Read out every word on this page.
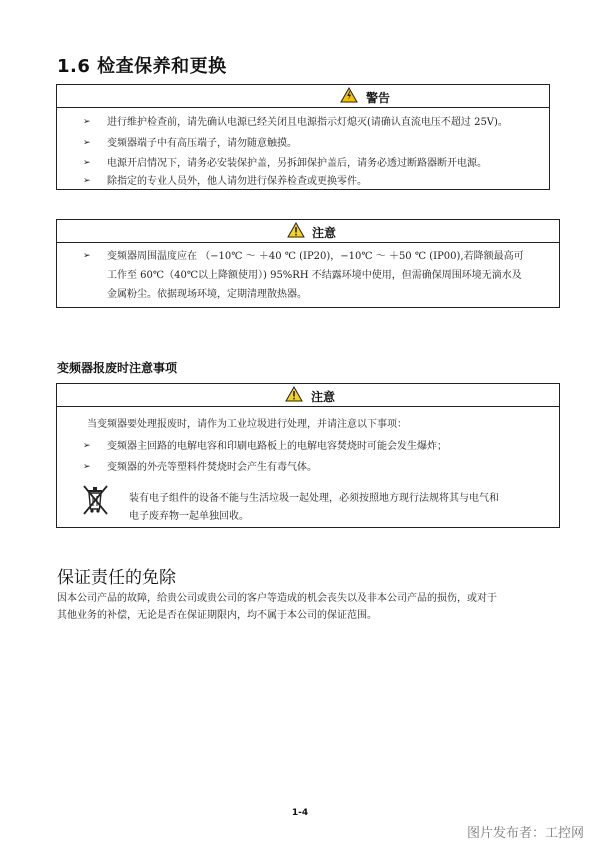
1.6 检查保养和更换
警告
➢ 进行维护检查前，请先确认电源已经关闭且电源指示灯熄灭(请确认直流电压不超过 25V)。
➢ 变频器端子中有高压端子，请勿随意触摸。
➢ 电源开启情况下，请务必安装保护盖，另拆卸保护盖后，请务必透过断路器断开电源。
➢ 除指定的专业人员外，他人请勿进行保养检查或更换零件。
注意
➢ 变频器周围温度应在 （−10℃ ～ ＋40 ℃ (IP20)，−10℃ ～ ＋50 ℃ (IP00),若降额最高可
工作至 60℃（40℃以上降额使用）) 95%RH 不结露环境中使用，但需确保周围环境无滴水及
金属粉尘。依据现场环境，定期清理散热器。
变频器报废时注意事项
注意
当变频器要处理报废时，请作为工业垃圾进行处理，并请注意以下事项：
➢ 变频器主回路的电解电容和印刷电路板上的电解电容焚烧时可能会发生爆炸；
➢ 变频器的外壳等塑料件焚烧时会产生有毒气体。
装有电子组件的设备不能与生活垃圾一起处理，必须按照地方现行法规将其与电气和
电子废弃物一起单独回收。
保证责任的免除
因本公司产品的故障，给贵公司或贵公司的客户等造成的机会丧失以及非本公司产品的损伤，或对于
其他业务的补偿，无论是否在保证期限内，均不属于本公司的保证范围。
1-4
图片发布者：工控网
